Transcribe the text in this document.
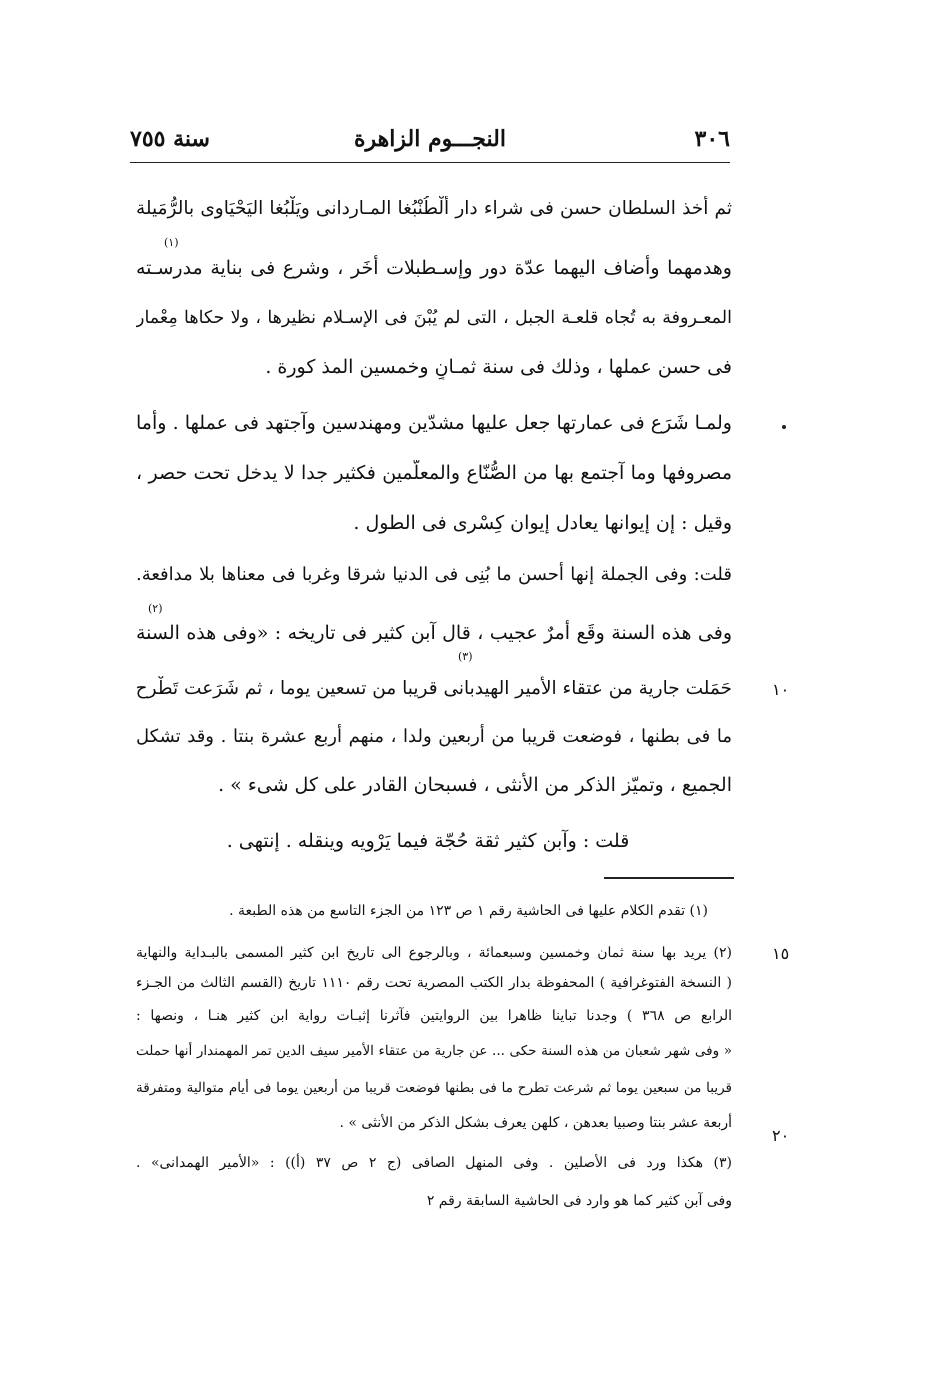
٣٠٦
النجـــوم الزاهرة
سنة ٧٥٥
ثم أخذ السلطان حسن فى شراء دار أَلْطُنْبُغا المـاردانى ويَلْبُغا اليَحْيَاوى بالرُّمَيلة
وهدمهما وأضاف اليهما عدّة دور وإسـطبلات أُخَر ، وشرع فى بناية مدرسـته
المعـروفة به تُجاه قلعـة الجبل ، التى لم يُبْنَ فى الإسـلام نظيرها ، ولا حكاها مِعْمار
فى حسن عملها ، وذلك فى سنة ثمـانٍ وخمسين المذ كورة .
ولمـا شَرَع فى عمارتها جعل عليها مشدّين ومهندسين وآجتهد فى عملها . وأما
مصروفها وما آجتمع بها من الصُّنّاع والمعلّمين فكثير جدا لا يدخل تحت حصر ،
وقيل : إن إيوانها يعادل إيوان كِسْرى فى الطول .
قلت: وفى الجملة إنها أحسن ما بُنِى فى الدنيا شرقا وغربا فى معناها بلا مدافعة.
وفى هذه السنة وقَع أمرٌ عجيب ، قال آبن كثير فى تاريخه : «وفى هذه السنة
حَمَلت جارية من عتقاء الأمير الهيدبانى قريبا من تسعين يوما ، ثم شَرَعت تَطْرح
ما فى بطنها ، فوضعت قريبا من أربعين ولدا ، منهم أربع عشرة بنتا . وقد تشكل
الجميع ، وتميّز الذكر من الأنثى ، فسبحان القادر على كل شىء » .
قلت : وآبن كثير ثقة حُجّة فيما يَرْويه وينقله . إنتهى .
(١)
(٢)
(٣)
١٠
١٥
٢٠
(١) تقدم الكلام عليها فى الحاشية رقم ١ ص ١٢٣ من الجزء التاسع من هذه الطبعة .
(٢) يريد بها سنة ثمان وخمسين وسبعمائة ، وبالرجوع الى تاريخ ابن كثير المسمى بالبـداية والنهاية
( النسخة الفتوغرافية ) المحفوظة بدار الكتب المصرية تحت رقم ١١١٠ تاريخ (القسم الثالث من الجـزء
الرابع ص ٣٦٨ ) وجدنا تباينا ظاهرا بين الروايتين فآثرنا إثبـات رواية ابن كثير هنـا ، ونصها :
« وفى شهر شعبان من هذه السنة حكى ... عن جارية من عتقاء الأمير سيف الدين تمر المهمندار أنها حملت
قريبا من سبعين يوما ثم شرعت تطرح ما فى بطنها فوضعت قريبا من أربعين يوما فى أيام متوالية ومتفرقة
أربعة عشر بنتا وصبيا بعدهن ، كلهن يعرف بشكل الذكر من الأنثى » .
(٣) هكذا ورد فى الأصلين . وفى المنهل الصافى (ج ٢ ص ٣٧ (أ)) : «الأمير الهمدانى» .
وفى آبن كثير كما هو وارد فى الحاشية السابقة رقم ٢
